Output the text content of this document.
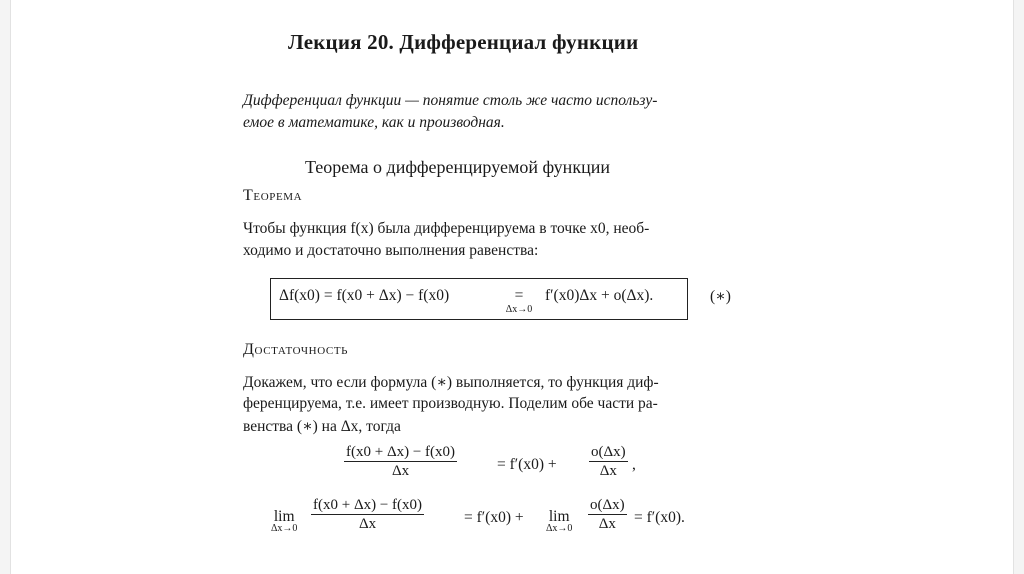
Лекция 20. Дифференциал функции
Дифференциал функции — понятие столь же часто использу-
емое в математике, как и производная.
Теорема о дифференцируемой функции
Теорема
Чтобы функция f(x) была дифференцируема в точке x0, необ-
ходимо и достаточно выполнения равенства:
Δf(x0) = f(x0 + Δx) − f(x0)	=
Δx→0
f′(x0)Δx + o(Δx).	(∗)
Достаточность
Докажем, что если формула (∗) выполняется, то функция диф-
ференцируема, т.е. имеет производную. Поделим обе части ра-
венства (∗) на Δx, тогда
$\frac{f(x0 + \Delta x) - f(x0)}{\Delta x}$	= $f'(x0) + \frac{o(\Delta x)}{\Delta x}$ ,
lim
$\Delta x\to 0 \frac{f(x0 + \Delta x) - f(x0)}{\Delta x}$	= f′(x0) + lim
$\Delta x\to 0 \frac{o(\Delta x)}{\Delta x} = f'(x0)$.
